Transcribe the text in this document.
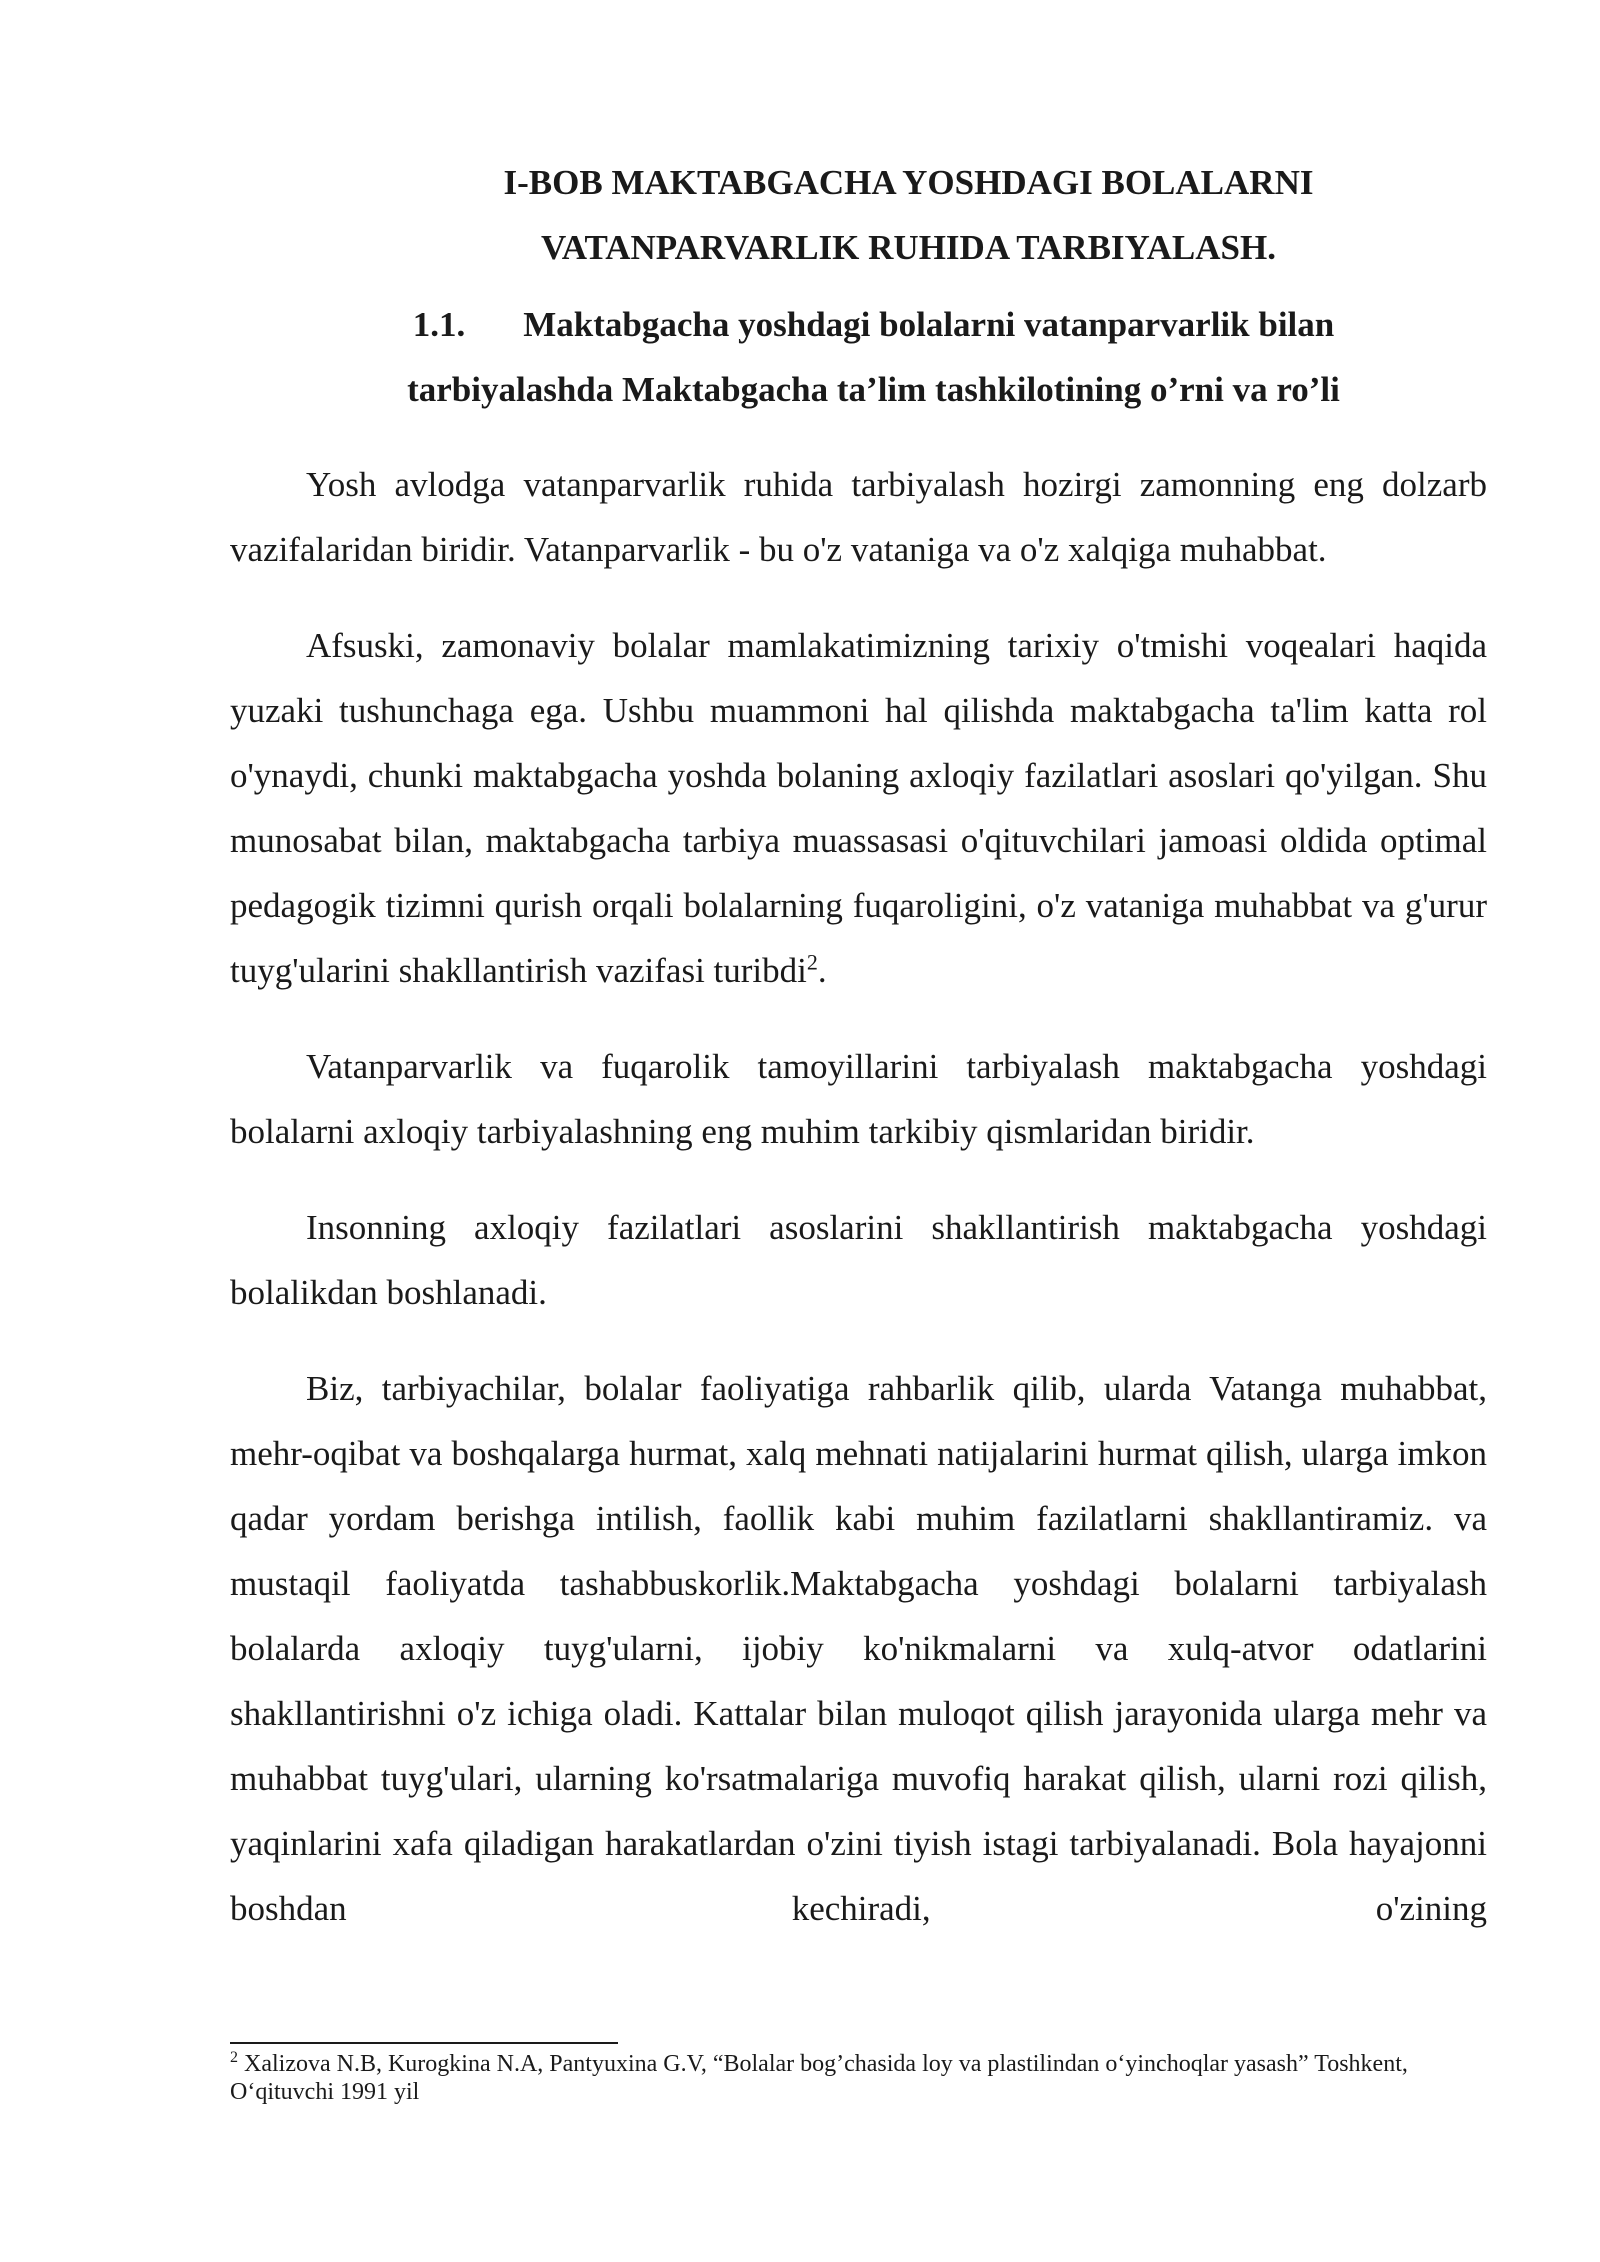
I-BOB MAKTABGACHA YOSHDAGI BOLALARNI
VATANPARVARLIK RUHIDA TARBIYALASH.
1.1. Maktabgacha yoshdagi bolalarni vatanparvarlik bilan
tarbiyalashda Maktabgacha ta’lim tashkilotining o’rni va ro’li

Yosh avlodga vatanparvarlik ruhida tarbiyalash hozirgi zamonning eng dolzarb vazifalaridan biridir. Vatanparvarlik - bu o'z vataniga va o'z xalqiga muhabbat.

Afsuski, zamonaviy bolalar mamlakatimizning tarixiy o'tmishi voqealari haqida yuzaki tushunchaga ega. Ushbu muammoni hal qilishda maktabgacha ta'lim katta rol o'ynaydi, chunki maktabgacha yoshda bolaning axloqiy fazilatlari asoslari qo'yilgan. Shu munosabat bilan, maktabgacha tarbiya muassasasi o'qituvchilari jamoasi oldida optimal pedagogik tizimni qurish orqali bolalarning fuqaroligini, o'z vataniga muhabbat va g'urur tuyg'ularini shakllantirish vazifasi turibdi$^2$.

Vatanparvarlik va fuqarolik tamoyillarini tarbiyalash maktabgacha yoshdagi bolalarni axloqiy tarbiyalashning eng muhim tarkibiy qismlaridan biridir.

Insonning axloqiy fazilatlari asoslarini shakllantirish maktabgacha yoshdagi bolalikdan boshlanadi.

Biz, tarbiyachilar, bolalar faoliyatiga rahbarlik qilib, ularda Vatanga muhabbat, mehr-oqibat va boshqalarga hurmat, xalq mehnati natijalarini hurmat qilish, ularga imkon qadar yordam berishga intilish, faollik kabi muhim fazilatlarni shakllantiramiz. va mustaqil faoliyatda tashabbuskorlik.Maktabgacha yoshdagi bolalarni tarbiyalash bolalarda axloqiy tuyg'ularni, ijobiy ko'nikmalarni va xulq-atvor odatlarini shakllantirishni o'z ichiga oladi. Kattalar bilan muloqot qilish jarayonida ularga mehr va muhabbat tuyg'ulari, ularning ko'rsatmalariga muvofiq harakat qilish, ularni rozi qilish, yaqinlarini xafa qiladigan harakatlardan o'zini tiyish istagi tarbiyalanadi. Bola hayajonni boshdan kechiradi, o'zining

$^2$ Xalizova N.B, Kurogkina N.A, Pantyuxina G.V, “Bolalar bog’chasida loy va plastilindan o‘yinchoqlar yasash” Toshkent, O‘qituvchi 1991 yil
